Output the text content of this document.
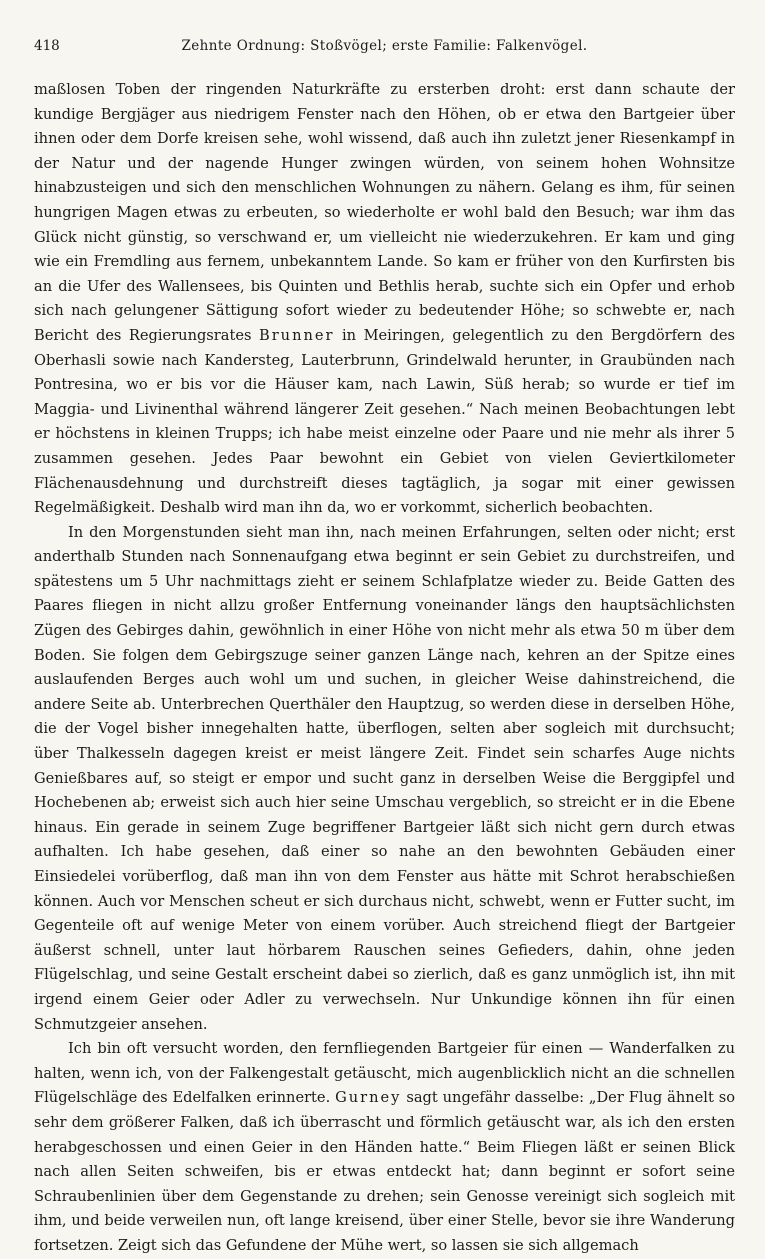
418	Zehnte Ordnung: Stoßvögel; erste Familie: Falkenvögel.

maßlosen Toben der ringenden Naturkräfte zu ersterben droht: erst dann schaute der kundige Bergjäger aus niedrigem Fenster nach den Höhen, ob er etwa den Bartgeier über ihnen oder dem Dorfe kreisen sehe, wohl wissend, daß auch ihn zuletzt jener Riesenkampf in der Natur und der nagende Hunger zwingen würden, von seinem hohen Wohnsitze hinabzusteigen und sich den menschlichen Wohnungen zu nähern. Gelang es ihm, für seinen hungrigen Magen etwas zu erbeuten, so wiederholte er wohl bald den Besuch; war ihm das Glück nicht günstig, so verschwand er, um vielleicht nie wiederzukehren. Er kam und ging wie ein Fremdling aus fernem, unbekanntem Lande. So kam er früher von den Kurfirsten bis an die Ufer des Wallensees, bis Quinten und Bethlis herab, suchte sich ein Opfer und erhob sich nach gelungener Sättigung sofort wieder zu bedeutender Höhe; so schwebte er, nach Bericht des Regierungsrates Brunner in Meiringen, gelegentlich zu den Bergdörfern des Oberhasli sowie nach Kandersteg, Lauterbrunn, Grindelwald herunter, in Graubünden nach Pontresina, wo er bis vor die Häuser kam, nach Lawin, Süß herab; so wurde er tief im Maggia- und Livinenthal während längerer Zeit gesehen.“ Nach meinen Beobachtungen lebt er höchstens in kleinen Trupps; ich habe meist einzelne oder Paare und nie mehr als ihrer 5 zusammen gesehen. Jedes Paar bewohnt ein Gebiet von vielen Geviertkilometer Flächenausdehnung und durchstreift dieses tagtäglich, ja sogar mit einer gewissen Regelmäßigkeit. Deshalb wird man ihn da, wo er vorkommt, sicherlich beobachten.

In den Morgenstunden sieht man ihn, nach meinen Erfahrungen, selten oder nicht; erst anderthalb Stunden nach Sonnenaufgang etwa beginnt er sein Gebiet zu durchstreifen, und spätestens um 5 Uhr nachmittags zieht er seinem Schlafplatze wieder zu. Beide Gatten des Paares fliegen in nicht allzu großer Entfernung voneinander längs den hauptsächlichsten Zügen des Gebirges dahin, gewöhnlich in einer Höhe von nicht mehr als etwa 50 m über dem Boden. Sie folgen dem Gebirgszuge seiner ganzen Länge nach, kehren an der Spitze eines auslaufenden Berges auch wohl um und suchen, in gleicher Weise dahinstreichend, die andere Seite ab. Unterbrechen Querthäler den Hauptzug, so werden diese in derselben Höhe, die der Vogel bisher innegehalten hatte, überflogen, selten aber sogleich mit durchsucht; über Thalkesseln dagegen kreist er meist längere Zeit. Findet sein scharfes Auge nichts Genießbares auf, so steigt er empor und sucht ganz in derselben Weise die Berggipfel und Hochebenen ab; erweist sich auch hier seine Umschau vergeblich, so streicht er in die Ebene hinaus. Ein gerade in seinem Zuge begriffener Bartgeier läßt sich nicht gern durch etwas aufhalten. Ich habe gesehen, daß einer so nahe an den bewohnten Gebäuden einer Einsiedelei vorüberflog, daß man ihn von dem Fenster aus hätte mit Schrot herabschießen können. Auch vor Menschen scheut er sich durchaus nicht, schwebt, wenn er Futter sucht, im Gegenteile oft auf wenige Meter von einem vorüber. Auch streichend fliegt der Bartgeier äußerst schnell, unter laut hörbarem Rauschen seines Gefieders, dahin, ohne jeden Flügelschlag, und seine Gestalt erscheint dabei so zierlich, daß es ganz unmöglich ist, ihn mit irgend einem Geier oder Adler zu verwechseln. Nur Unkundige können ihn für einen Schmutzgeier ansehen.

Ich bin oft versucht worden, den fernfliegenden Bartgeier für einen — Wanderfalken zu halten, wenn ich, von der Falkengestalt getäuscht, mich augenblicklich nicht an die schnellen Flügelschläge des Edelfalken erinnerte. Gurney sagt ungefähr dasselbe: „Der Flug ähnelt so sehr dem größerer Falken, daß ich überrascht und förmlich getäuscht war, als ich den ersten herabgeschossen und einen Geier in den Händen hatte.“ Beim Fliegen läßt er seinen Blick nach allen Seiten schweifen, bis er etwas entdeckt hat; dann beginnt er sofort seine Schraubenlinien über dem Gegenstande zu drehen; sein Genosse vereinigt sich sogleich mit ihm, und beide verweilen nun, oft lange kreisend, über einer Stelle, bevor sie ihre Wanderung fortsetzen. Zeigt sich das Gefundene der Mühe wert, so lassen sie sich allgemach
